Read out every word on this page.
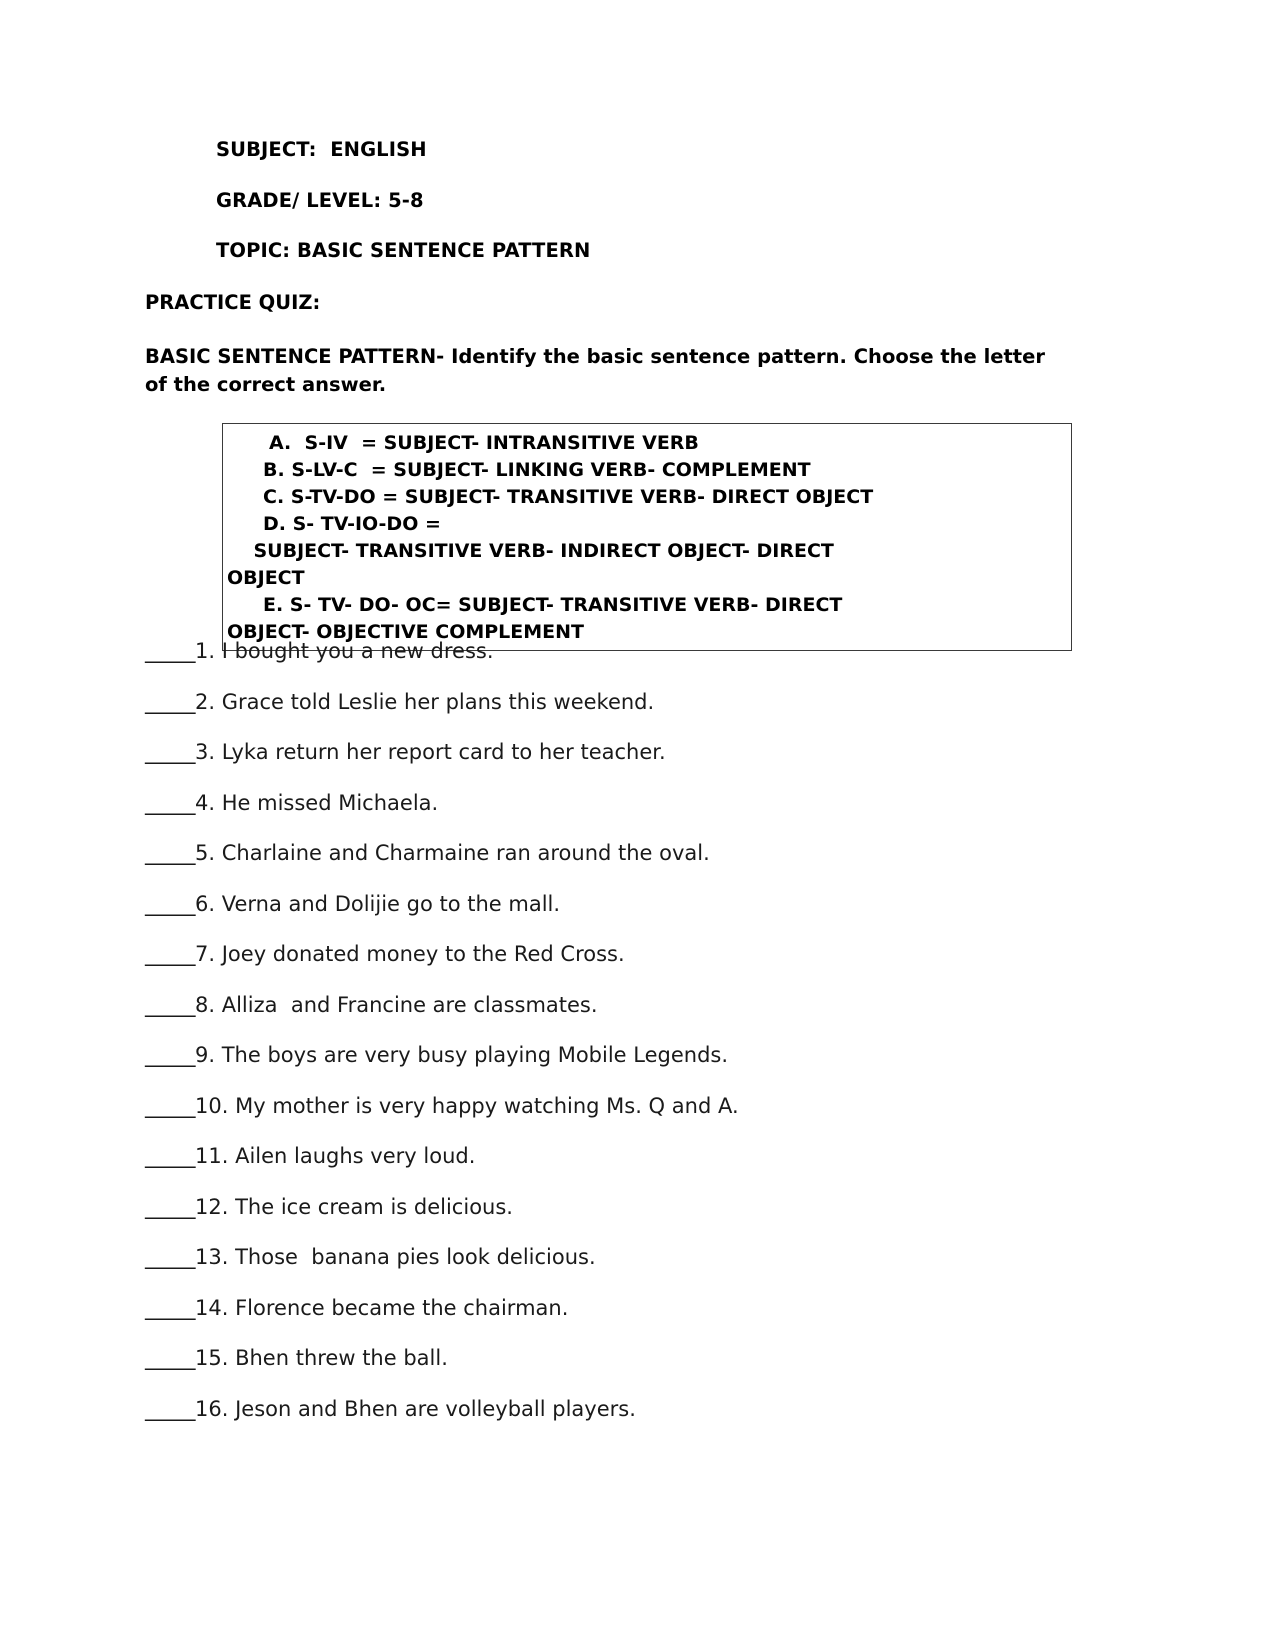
SUBJECT:  ENGLISH
GRADE/ LEVEL: 5-8
TOPIC: BASIC SENTENCE PATTERN
PRACTICE QUIZ:
BASIC SENTENCE PATTERN- Identify the basic sentence pattern. Choose the letter of the correct answer.
A.  S-IV  = SUBJECT- INTRANSITIVE VERB
B. S-LV-C  = SUBJECT- LINKING VERB- COMPLEMENT
C. S-TV-DO = SUBJECT- TRANSITIVE VERB- DIRECT OBJECT
D. S- TV-IO-DO =
SUBJECT- TRANSITIVE VERB- INDIRECT OBJECT- DIRECT
OBJECT
E. S- TV- DO- OC= SUBJECT- TRANSITIVE VERB- DIRECT
OBJECT- OBJECTIVE COMPLEMENT
_____1. I bought you a new dress.
_____2. Grace told Leslie her plans this weekend.
_____3. Lyka return her report card to her teacher.
_____4. He missed Michaela.
_____5. Charlaine and Charmaine ran around the oval.
_____6. Verna and Dolijie go to the mall.
_____7. Joey donated money to the Red Cross.
_____8. Alliza  and Francine are classmates.
_____9. The boys are very busy playing Mobile Legends.
_____10. My mother is very happy watching Ms. Q and A.
_____11. Ailen laughs very loud.
_____12. The ice cream is delicious.
_____13. Those  banana pies look delicious.
_____14. Florence became the chairman.
_____15. Bhen threw the ball.
_____16. Jeson and Bhen are volleyball players.
